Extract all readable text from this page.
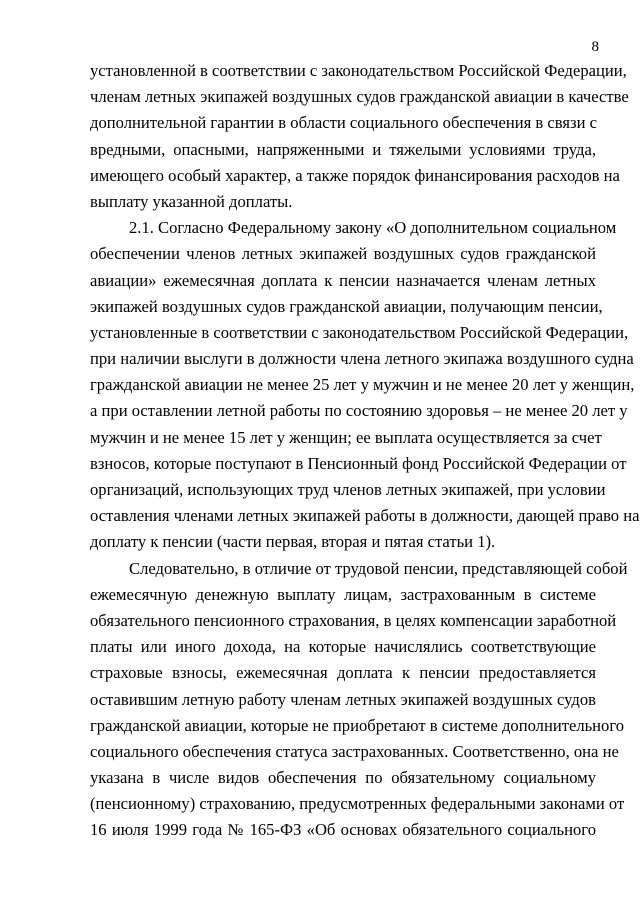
8
установленной в соответствии с законодательством Российской Федерации,
членам летных экипажей воздушных судов гражданской авиации в качестве
дополнительной гарантии в области социального обеспечения в связи с
вредными, опасными, напряженными и тяжелыми условиями труда,
имеющего особый характер, а также порядок финансирования расходов на
выплату указанной доплаты.
2.1. Согласно Федеральному закону «О дополнительном социальном
обеспечении членов летных экипажей воздушных судов гражданской
авиации» ежемесячная доплата к пенсии назначается членам летных
экипажей воздушных судов гражданской авиации, получающим пенсии,
установленные в соответствии с законодательством Российской Федерации,
при наличии выслуги в должности члена летного экипажа воздушного судна
гражданской авиации не менее 25 лет у мужчин и не менее 20 лет у женщин,
а при оставлении летной работы по состоянию здоровья – не менее 20 лет у
мужчин и не менее 15 лет у женщин; ее выплата осуществляется за счет
взносов, которые поступают в Пенсионный фонд Российской Федерации от
организаций, использующих труд членов летных экипажей, при условии
оставления членами летных экипажей работы в должности, дающей право на
доплату к пенсии (части первая, вторая и пятая статьи 1).
Следовательно, в отличие от трудовой пенсии, представляющей собой
ежемесячную денежную выплату лицам, застрахованным в системе
обязательного пенсионного страхования, в целях компенсации заработной
платы или иного дохода, на которые начислялись соответствующие
страховые взносы, ежемесячная доплата к пенсии предоставляется
оставившим летную работу членам летных экипажей воздушных судов
гражданской авиации, которые не приобретают в системе дополнительного
социального обеспечения статуса застрахованных. Соответственно, она не
указана в числе видов обеспечения по обязательному социальному
(пенсионному) страхованию, предусмотренных федеральными законами от
16 июля 1999 года № 165-ФЗ «Об основах обязательного социального
